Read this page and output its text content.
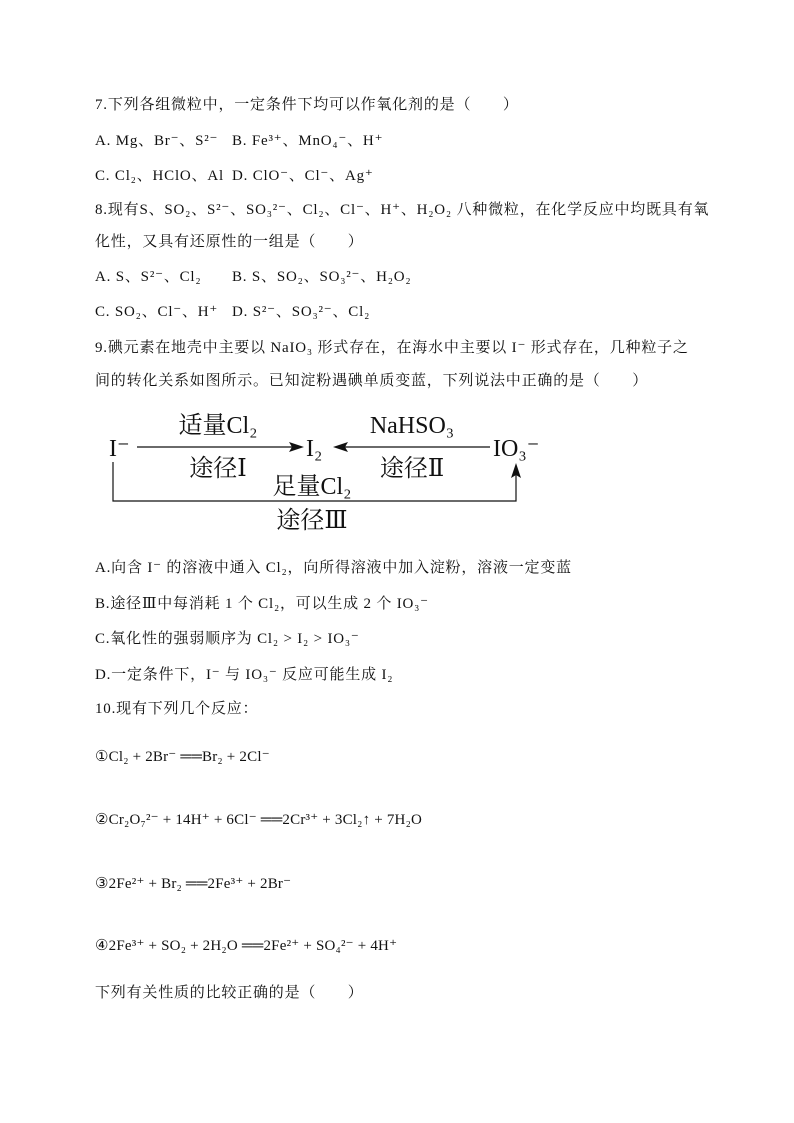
7.下列各组微粒中，一定条件下均可以作氧化剂的是（　　）
A. Mg、Br⁻、S²⁻ B. Fe³⁺、MnO₄⁻、H⁺
C. Cl₂、HClO、Al D. ClO⁻、Cl⁻、Ag⁺
8.现有S、SO₂、S²⁻、SO₃²⁻、Cl₂、Cl⁻、H⁺、H₂O₂ 八种微粒，在化学反应中均既具有氧
化性，又具有还原性的一组是（　　）
A. S、S²⁻、Cl₂ B. S、SO₂、SO₃²⁻、H₂O₂
C. SO₂、Cl⁻、H⁺ D. S²⁻、SO₃²⁻、Cl₂
9.碘元素在地壳中主要以 NaIO₃ 形式存在，在海水中主要以 I⁻ 形式存在，几种粒子之
间的转化关系如图所示。已知淀粉遇碘单质变蓝，下列说法中正确的是（　　）
I⁻	I₂	IO₃⁻
适量Cl₂
途径Ⅰ
NaHSO₃
途径Ⅱ
足量Cl₂
途径Ⅲ
A.向含 I⁻ 的溶液中通入 Cl₂，向所得溶液中加入淀粉，溶液一定变蓝
B.途径Ⅲ中每消耗 1 个 Cl₂，可以生成 2 个 IO₃⁻
C.氧化性的强弱顺序为 Cl₂ > I₂ > IO₃⁻
D.一定条件下，I⁻ 与 IO₃⁻ 反应可能生成 I₂
10.现有下列几个反应：
①Cl₂ + 2Br⁻ ══Br₂ + 2Cl⁻
②Cr₂O₇²⁻ + 14H⁺ + 6Cl⁻ ══2Cr³⁺ + 3Cl₂↑ + 7H₂O
③2Fe²⁺ + Br₂ ══2Fe³⁺ + 2Br⁻
④2Fe³⁺ + SO₂ + 2H₂O ══2Fe²⁺ + SO₄²⁻ + 4H⁺
下列有关性质的比较正确的是（　　）
